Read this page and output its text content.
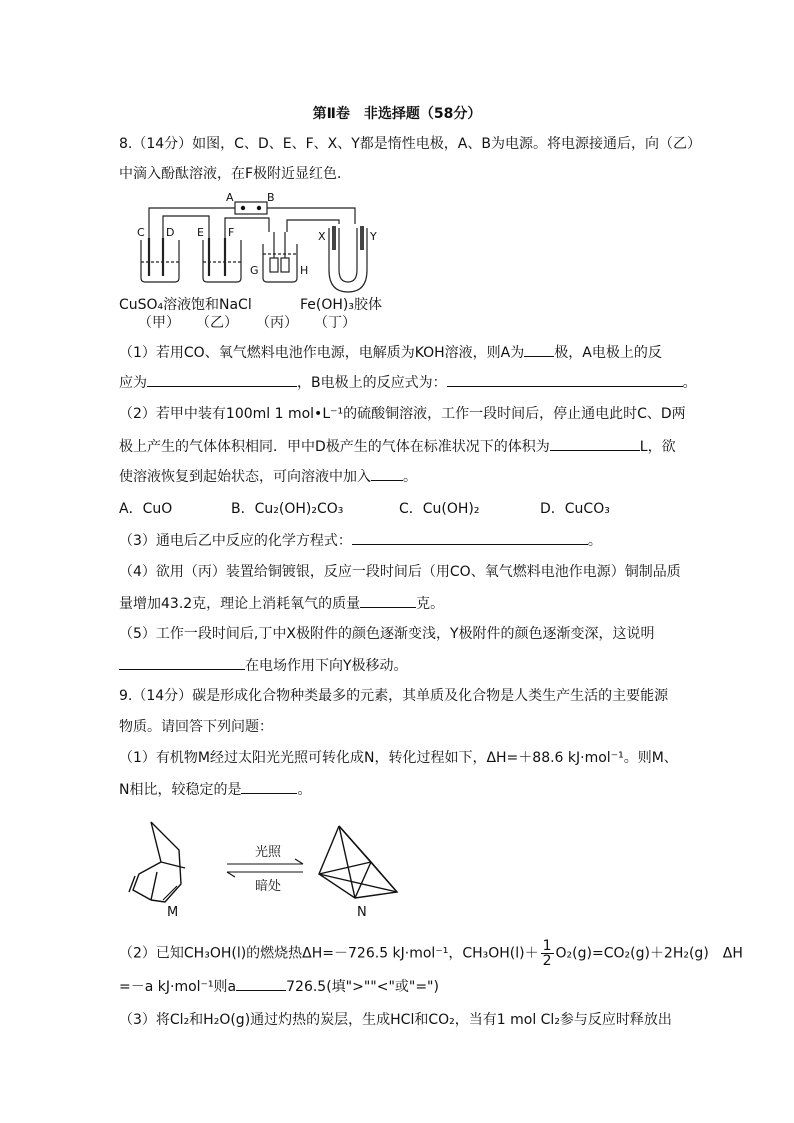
第Ⅱ卷　非选择题（58分）
8.（14分）如图，C、D、E、F、X、Y都是惰性电极，A、B为电源。将电源接通后，向（乙）
中滴入酚酞溶液，在F极附近显红色．
A	B
C D E F
G	H
X	Y
CuSO₄溶液 饱和NaCl	Fe(OH)₃胶体
（甲） （乙） （丙） （丁）
（1）若用CO、氧气燃料电池作电源，电解质为KOH溶液，则A为 极，A电极上的反
应为	，B电极上的反应式为：	。
（2）若甲中装有100ml 1 mol•L⁻¹的硫酸铜溶液，工作一段时间后，停止通电此时C、D两
极上产生的气体体积相同．甲中D极产生的气体在标准状况下的体积为	L，欲
使溶液恢复到起始状态，可向溶液中加入 。
A．CuO	B．Cu₂(OH)₂CO₃	C．Cu(OH)₂	D．CuCO₃
（3）通电后乙中反应的化学方程式：	。
（4）欲用（丙）装置给铜镀银，反应一段时间后（用CO、氧气燃料电池作电源）铜制品质
量增加43.2克，理论上消耗氧气的质量	克。
（5）工作一段时间后,丁中X极附件的颜色逐渐变浅，Y极附件的颜色逐渐变深，这说明
在电场作用下向Y极移动。
9.（14分）碳是形成化合物种类最多的元素，其单质及化合物是人类生产生活的主要能源
物质。请回答下列问题：
（1）有机物M经过太阳光光照可转化成N，转化过程如下，ΔH=＋88.6 kJ·mol⁻¹。则M、
N相比，较稳定的是	。
光照
暗处
M	N
（2）已知CH₃OH(l)的燃烧热ΔH=－726.5 kJ·mol⁻¹，$CH_3OH(l)+ \frac{1}{2} O_2(g)=CO_2(g)+2H_2(g)$　ΔH
=－a kJ·mol⁻¹则a	726.5(填">""<"或"=")
（3）将Cl₂和H₂O(g)通过灼热的炭层，生成HCl和CO₂，当有1 mol Cl₂参与反应时释放出
